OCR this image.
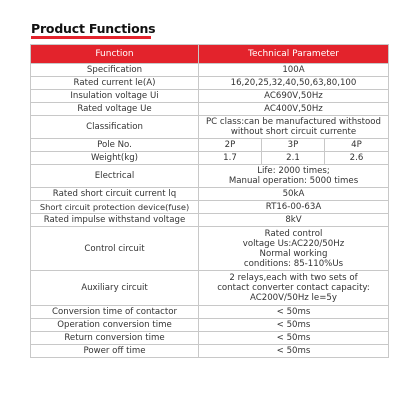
Product Functions
Function	Technical Parameter		
Specification	100A		
Rated current le(A)	16,20,25,32,40,50,63,80,100		
Insulation voltage Ui	AC690V,50Hz		
Rated voltage Ue	AC400V,50Hz		
Classification	PC class:can be manufactured withstood
without short circuit currente		

Pole No.	2P	3P	4P
Weight(kg)	1.7	2.1	2.6
Electrical	Life: 2000 times;
Manual operation: 5000 times		

Rated short circuit current lq	50kA		
Short circuit protection device(fuse)	RT16-00-63A		
Rated impulse withstand voltage	8kV		
Control circuit	Rated control
voltage Us:AC220/50Hz
Normal working
conditions: 85-110%Us		

Auxiliary circuit	2 relays,each with two sets of
contact converter contact capacity:
AC200V/50Hz le=5y		

Conversion time of contactor	< 50ms		
Operation conversion time	< 50ms		
Return conversion time	< 50ms		
Power off time	< 50ms		
